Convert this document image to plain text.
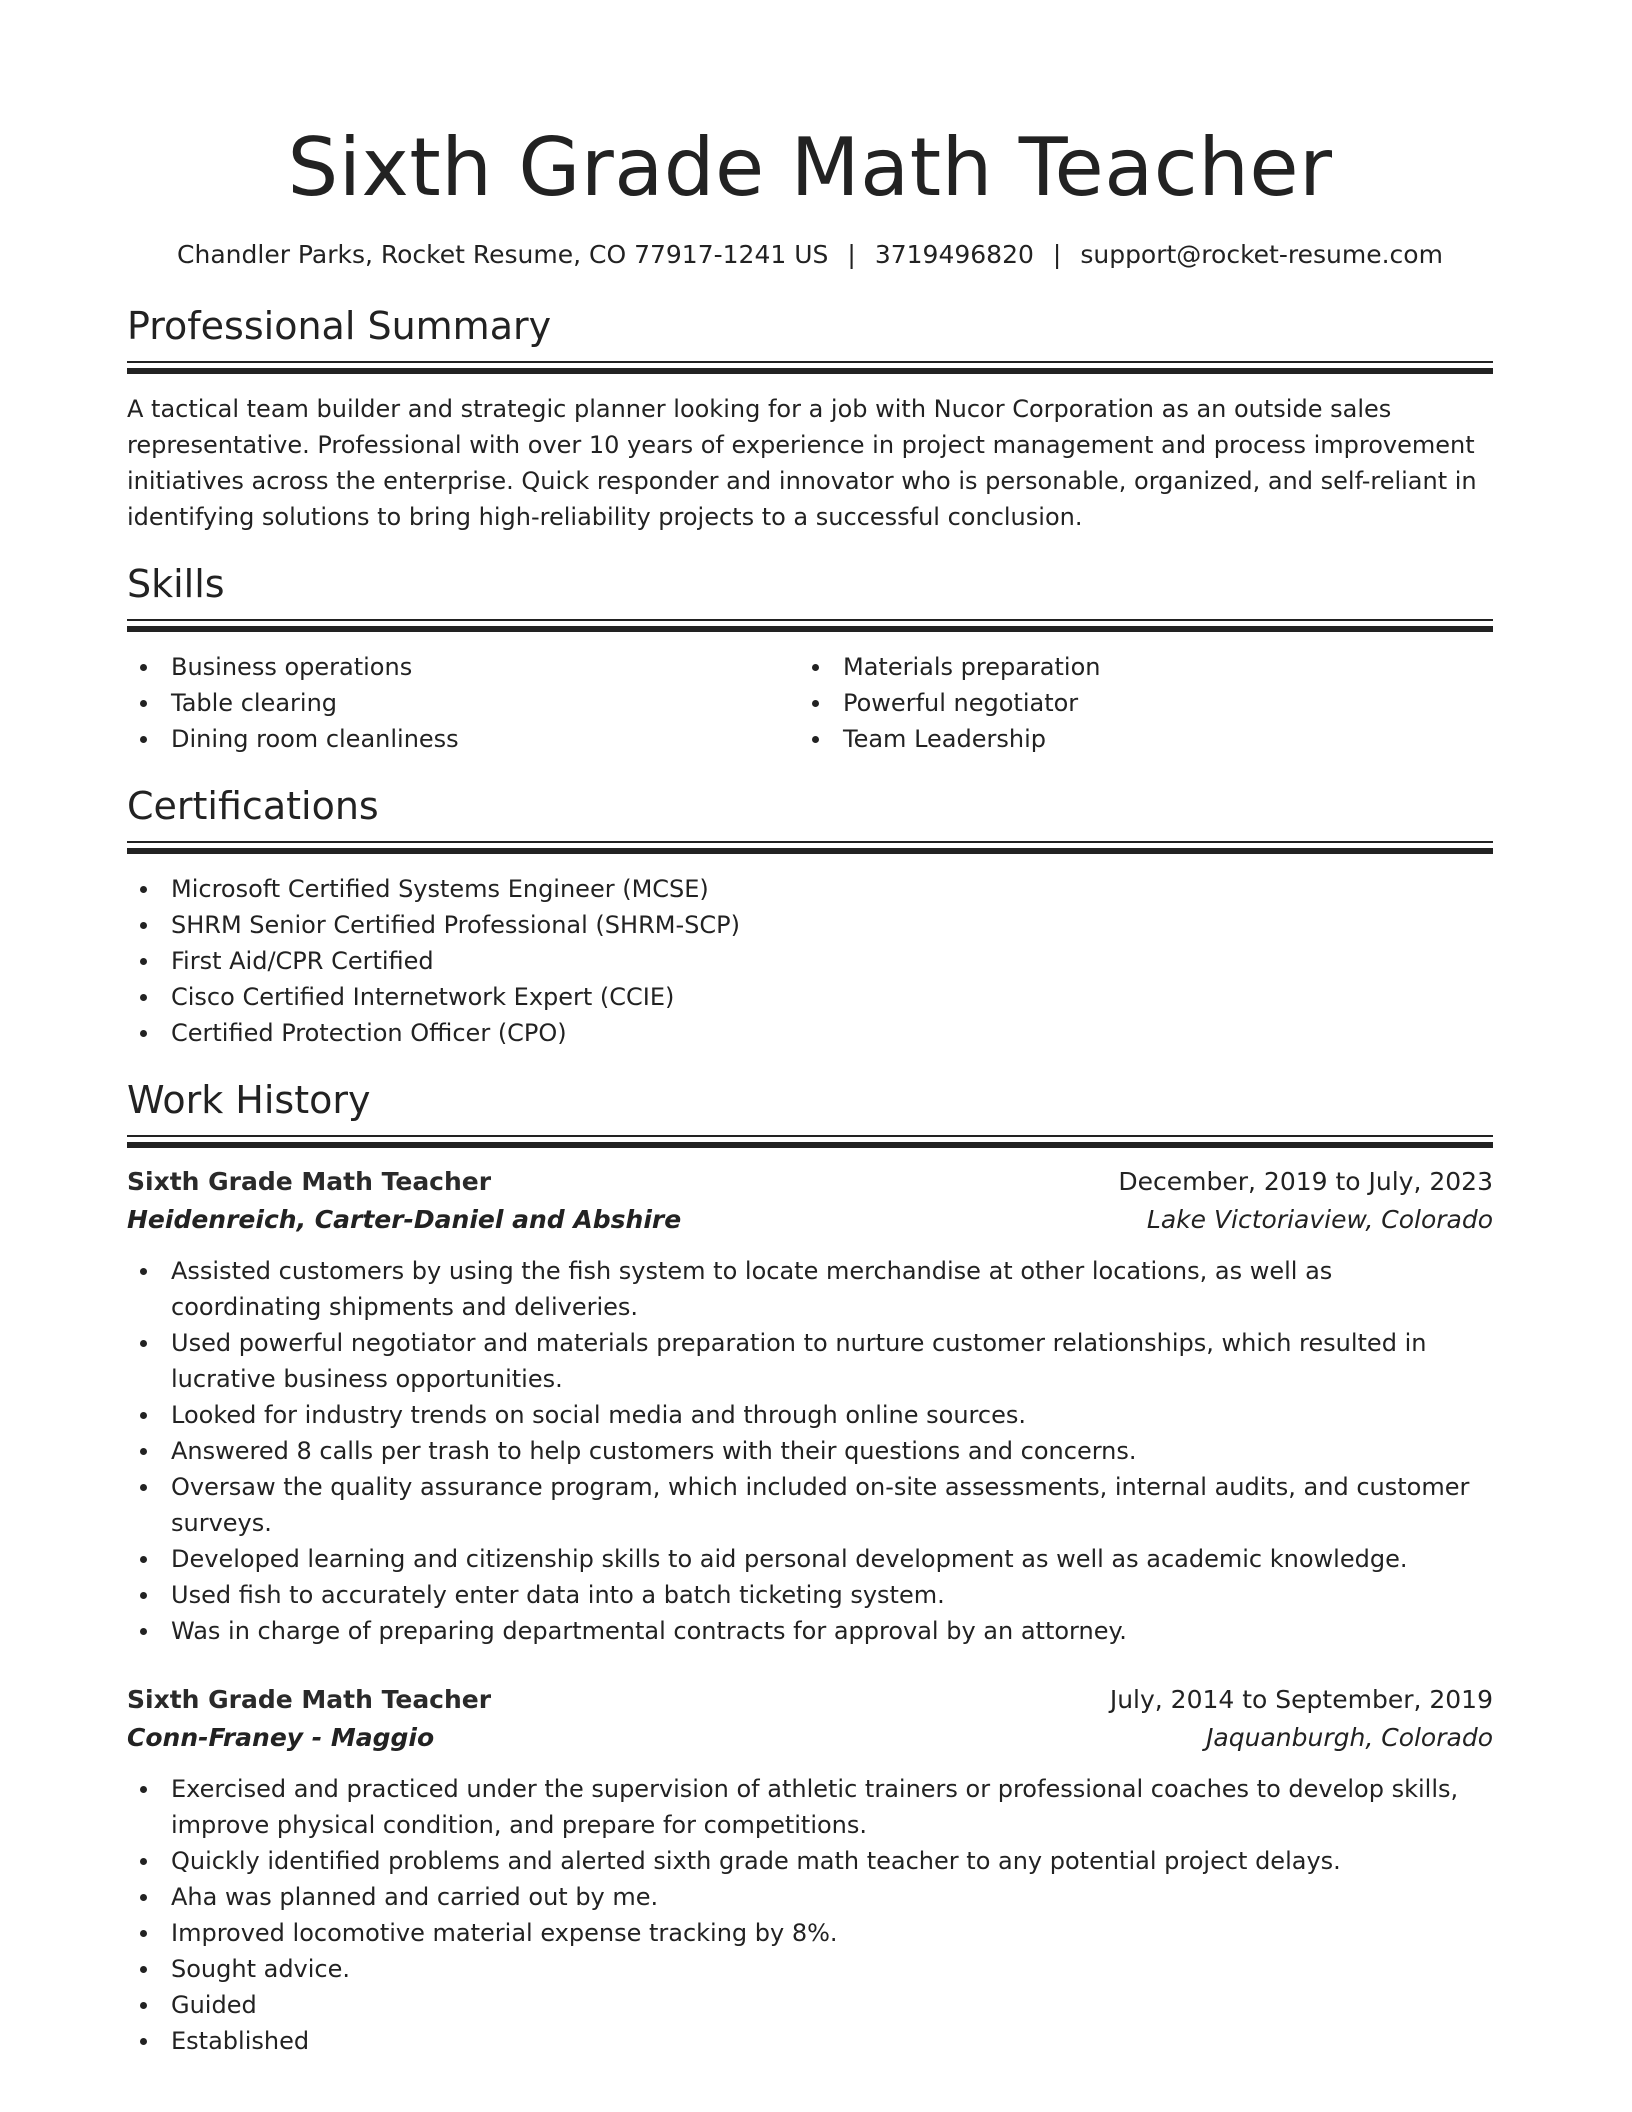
Sixth Grade Math Teacher
Chandler Parks, Rocket Resume, CO 77917-1241 US | 3719496820 | support@rocket-resume.com
Professional Summary

A tactical team builder and strategic planner looking for a job with Nucor Corporation as an outside sales representative. Professional with over 10 years of experience in project management and process improvement initiatives across the enterprise. Quick responder and innovator who is personable, organized, and self-reliant in identifying solutions to bring high-reliability projects to a successful conclusion.

Skills
Business operations
Table clearing
Dining room cleanliness
Materials preparation
Powerful negotiator
Team Leadership
Certifications
Microsoft Certified Systems Engineer (MCSE)
SHRM Senior Certified Professional (SHRM-SCP)
First Aid/CPR Certified
Cisco Certified Internetwork Expert (CCIE)
Certified Protection Officer (CPO)
Work History
Sixth Grade Math Teacher	December, 2019 to July, 2023
Heidenreich, Carter-Daniel and Abshire	Lake Victoriaview, Colorado
Assisted customers by using the fish system to locate merchandise at other locations, as well as coordinating shipments and deliveries.
Used powerful negotiator and materials preparation to nurture customer relationships, which resulted in lucrative business opportunities.
Looked for industry trends on social media and through online sources.
Answered 8 calls per trash to help customers with their questions and concerns.
Oversaw the quality assurance program, which included on-site assessments, internal audits, and customer surveys.
Developed learning and citizenship skills to aid personal development as well as academic knowledge.
Used fish to accurately enter data into a batch ticketing system.
Was in charge of preparing departmental contracts for approval by an attorney.
Sixth Grade Math Teacher	July, 2014 to September, 2019
Conn-Franey - Maggio	Jaquanburgh, Colorado
Exercised and practiced under the supervision of athletic trainers or professional coaches to develop skills, improve physical condition, and prepare for competitions.
Quickly identified problems and alerted sixth grade math teacher to any potential project delays.
Aha was planned and carried out by me.
Improved locomotive material expense tracking by 8%.
Sought advice.
Guided
Established
